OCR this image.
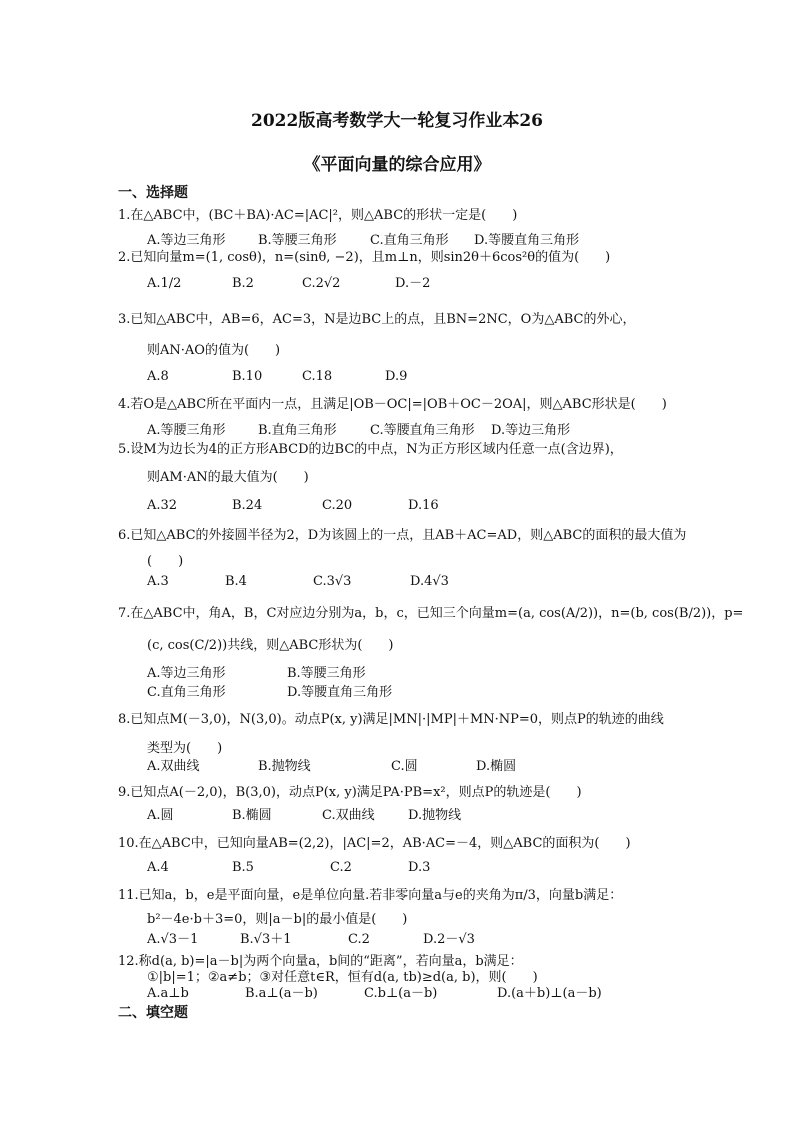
2022版高考数学大一轮复习作业本26
《平面向量的综合应用》
一、选择题
1.在△ABC中，(BC＋BA)·AC=|AC|²，则△ABC的形状一定是(　　)
A.等边三角形 B.等腰三角形	C.直角三角形 D.等腰直角三角形
2.已知向量m=(1, cosθ)，n=(sinθ, −2)，且m⊥n，则sin2θ＋6cos²θ的值为(　　)
A.1/2	B.2	C.2√2	D.－2
3.已知△ABC中，AB=6，AC=3，N是边BC上的点，且BN=2NC，O为△ABC的外心，
则AN·AO的值为(　　)
A.8	B.10	C.18	D.9
4.若O是△ABC所在平面内一点，且满足|OB－OC|=|OB＋OC－2OA|，则△ABC形状是(　　)
A.等腰三角形 B.直角三角形	C.等腰直角三角形 D.等边三角形
5.设M为边长为4的正方形ABCD的边BC的中点，N为正方形区域内任意一点(含边界)，
则AM·AN的最大值为(　　)
A.32	B.24	C.20	D.16
6.已知△ABC的外接圆半径为2，D为该圆上的一点，且AB＋AC=AD，则△ABC的面积的最大值为
(　　)
A.3	B.4	C.3√3	D.4√3
7.在△ABC中，角A，B，C对应边分别为a，b，c，已知三个向量m=(a, cos(A/2))，n=(b, cos(B/2))，p=
(c, cos(C/2))共线，则△ABC形状为(　　)
A.等边三角形	B.等腰三角形
C.直角三角形	D.等腰直角三角形
8.已知点M(－3,0)，N(3,0)。动点P(x, y)满足|MN|·|MP|＋MN·NP=0，则点P的轨迹的曲线
类型为(　　)
A.双曲线	B.抛物线	C.圆	D.椭圆
9.已知点A(－2,0)，B(3,0)，动点P(x, y)满足PA·PB=x²，则点P的轨迹是(　　)
A.圆	B.椭圆	C.双曲线	D.抛物线
10.在△ABC中，已知向量AB=(2,2)，|AC|=2，AB·AC=－4，则△ABC的面积为(　　)
A.4	B.5	C.2	D.3
11.已知a，b，e是平面向量，e是单位向量.若非零向量a与e的夹角为π/3，向量b满足：
b²－4e·b＋3=0，则|a－b|的最小值是(　　)
A.√3－1	B.√3＋1	C.2	D.2－√3
12.称d(a, b)=|a－b|为两个向量a，b间的“距离”，若向量a，b满足：
①|b|=1；②a≠b；③对任意t∈R，恒有d(a, tb)≥d(a, b)，则(　　)
A.a⊥b	B.a⊥(a－b)	C.b⊥(a－b)	D.(a＋b)⊥(a－b)
二、填空题
